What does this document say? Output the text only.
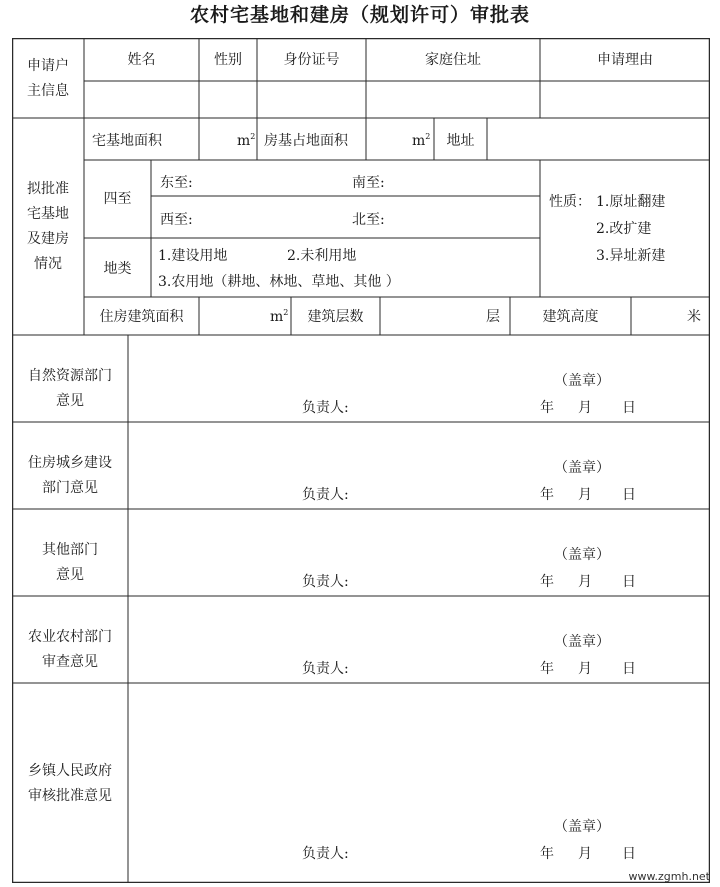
农村宅基地和建房（规划许可）审批表
申请户
主信息
姓名	性别	身份证号	家庭住址	申请理由
拟批准
宅基地
及建房
情况
宅基地面积	$m^2$ 房基占地面积	$m^2$	地址
四至
东至:	南至:
西至:	北至:
性质： 1.原址翻建
2.改扩建
3.异址新建
地类
1.建设用地	2.未利用地
3.农用地（耕地、林地、草地、其他 ）
住房建筑面积	$m^2$	建筑层数	层	建筑高度	米
自然资源部门
意见
（盖章）
负责人:	年 月 日
住房城乡建设
部门意见
（盖章）
负责人:	年 月 日
其他部门
意见
（盖章）
负责人:	年 月 日
农业农村部门
审查意见
（盖章）
负责人:	年 月 日
乡镇人民政府
审核批准意见
（盖章）
负责人:	年 月 日
www.zgmh.net
